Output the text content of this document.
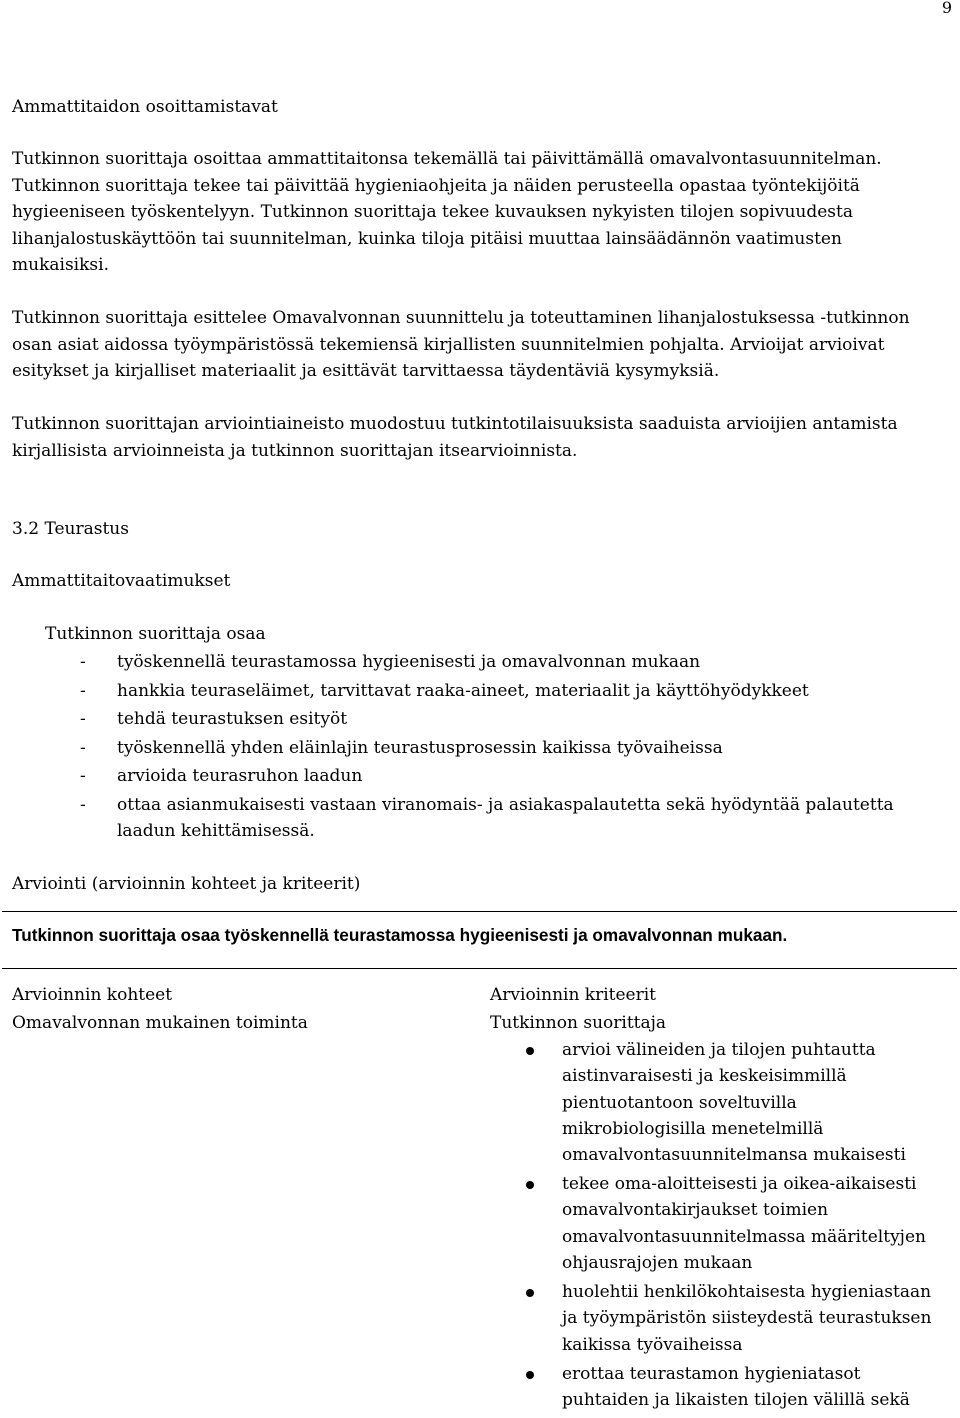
9
Ammattitaidon osoittamistavat
Tutkinnon suorittaja osoittaa ammattitaitonsa tekemällä tai päivittämällä omavalvontasuunnitelman.
Tutkinnon suorittaja tekee tai päivittää hygieniaohjeita ja näiden perusteella opastaa työntekijöitä
hygieeniseen työskentelyyn. Tutkinnon suorittaja tekee kuvauksen nykyisten tilojen sopivuudesta
lihanjalostuskäyttöön tai suunnitelman, kuinka tiloja pitäisi muuttaa lainsäädännön vaatimusten
mukaisiksi.
Tutkinnon suorittaja esittelee Omavalvonnan suunnittelu ja toteuttaminen lihanjalostuksessa -tutkinnon
osan asiat aidossa työympäristössä tekemiensä kirjallisten suunnitelmien pohjalta. Arvioijat arvioivat
esitykset ja kirjalliset materiaalit ja esittävät tarvittaessa täydentäviä kysymyksiä.
Tutkinnon suorittajan arviointiaineisto muodostuu tutkintotilaisuuksista saaduista arvioijien antamista
kirjallisista arvioinneista ja tutkinnon suorittajan itsearvioinnista.
3.2 Teurastus
Ammattitaitovaatimukset
Tutkinnon suorittaja osaa
- työskennellä teurastamossa hygieenisesti ja omavalvonnan mukaan
- hankkia teuraseläimet, tarvittavat raaka-aineet, materiaalit ja käyttöhyödykkeet
- tehdä teurastuksen esityöt
- työskennellä yhden eläinlajin teurastusprosessin kaikissa työvaiheissa
- arvioida teurasruhon laadun
- ottaa asianmukaisesti vastaan viranomais- ja asiakaspalautetta sekä hyödyntää palautetta
laadun kehittämisessä.
Arviointi (arvioinnin kohteet ja kriteerit)
Tutkinnon suorittaja osaa työskennellä teurastamossa hygieenisesti ja omavalvonnan mukaan.
Arvioinnin kohteet
Omavalvonnan mukainen toiminta
Arvioinnin kriteerit
Tutkinnon suorittaja
arvioi välineiden ja tilojen puhtautta
aistinvaraisesti ja keskeisimmillä
pientuotantoon soveltuvilla
mikrobiologisilla menetelmillä
omavalvontasuunnitelmansa mukaisesti
tekee oma-aloitteisesti ja oikea-aikaisesti
omavalvontakirjaukset toimien
omavalvontasuunnitelmassa määriteltyjen
ohjausrajojen mukaan
huolehtii henkilökohtaisesta hygieniastaan
ja työympäristön siisteydestä teurastuksen
kaikissa työvaiheissa
erottaa teurastamon hygieniatasot
puhtaiden ja likaisten tilojen välillä sekä
